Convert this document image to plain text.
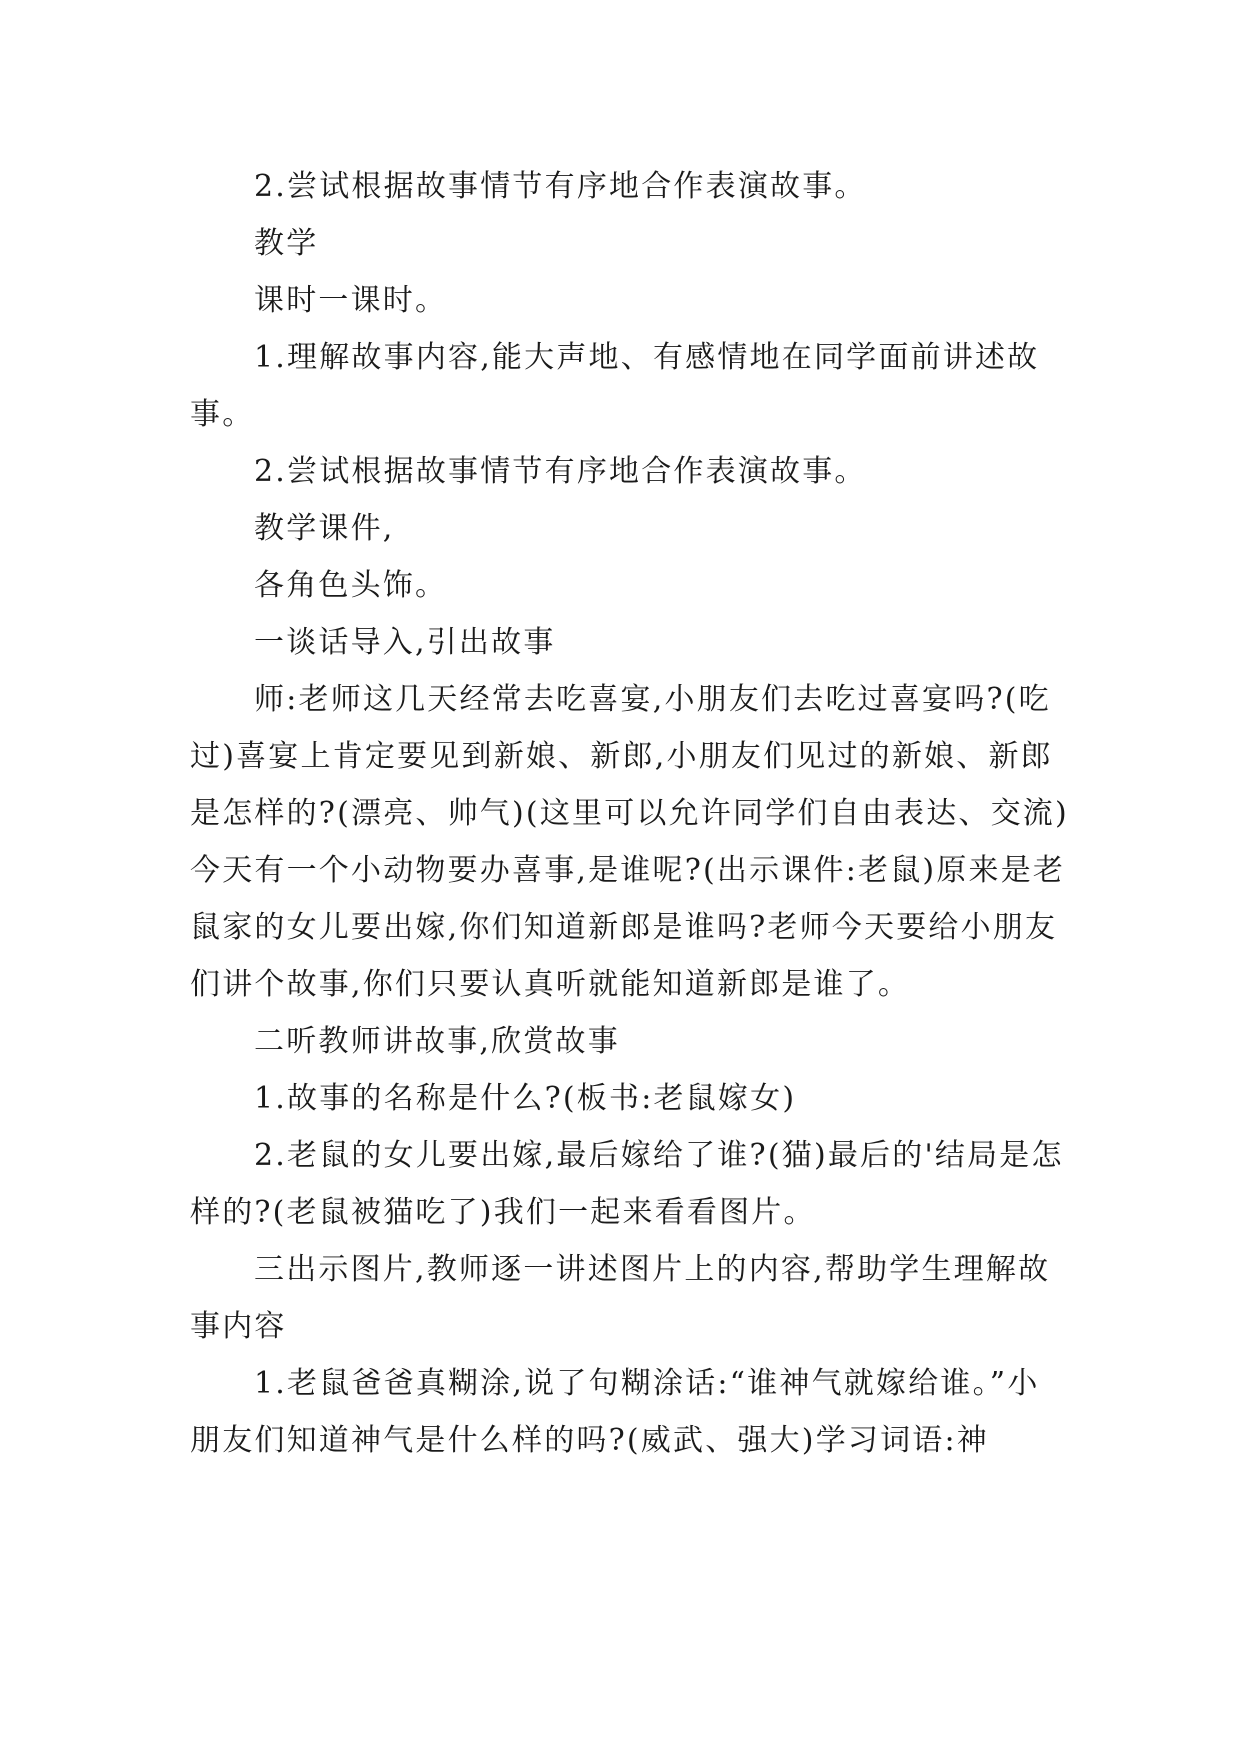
2.尝试根据故事情节有序地合作表演故事。

教学

课时一课时。

1.理解故事内容,能大声地、有感情地在同学面前讲述故事。

2.尝试根据故事情节有序地合作表演故事。

教学课件,

各角色头饰。

一谈话导入,引出故事

师:老师这几天经常去吃喜宴,小朋友们去吃过喜宴吗?(吃过)喜宴上肯定要见到新娘、新郎,小朋友们见过的新娘、新郎是怎样的?(漂亮、帅气)(这里可以允许同学们自由表达、交流)今天有一个小动物要办喜事,是谁呢?(出示课件:老鼠)原来是老鼠家的女儿要出嫁,你们知道新郎是谁吗?老师今天要给小朋友们讲个故事,你们只要认真听就能知道新郎是谁了。

二听教师讲故事,欣赏故事

1.故事的名称是什么?(板书:老鼠嫁女)

2.老鼠的女儿要出嫁,最后嫁给了谁?(猫)最后的'结局是怎样的?(老鼠被猫吃了)我们一起来看看图片。

三出示图片,教师逐一讲述图片上的内容,帮助学生理解故事内容

1.老鼠爸爸真糊涂,说了句糊涂话:“谁神气就嫁给谁。”小朋友们知道神气是什么样的吗?(威武、强大)学习词语:神
